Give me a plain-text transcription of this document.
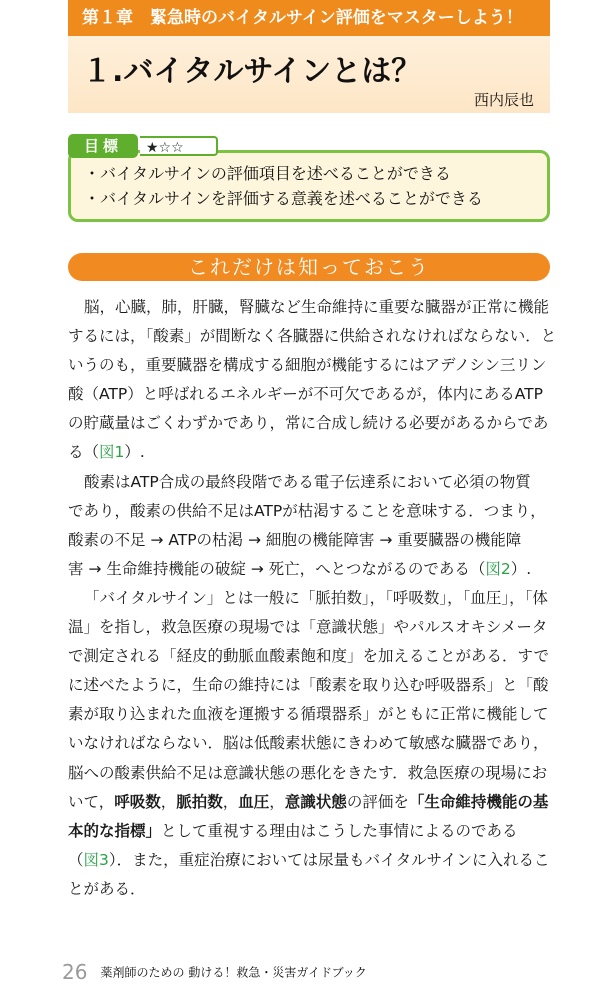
第１章　緊急時のバイタルサイン評価をマスターしよう！
１.バイタルサインとは？
西内辰也
目標	★☆☆
・バイタルサインの評価項目を述べることができる
・バイタルサインを評価する意義を述べることができる
これだけは知っておこう
脳，心臓，肺，肝臓，腎臓など生命維持に重要な臓器が正常に機能
するには，「酸素」が間断なく各臓器に供給されなければならない．と
いうのも，重要臓器を構成する細胞が機能するにはアデノシン三リン
酸（ATP）と呼ばれるエネルギーが不可欠であるが，体内にあるATP
の貯蔵量はごくわずかであり，常に合成し続ける必要があるからであ
る（図1）.
酸素はATP合成の最終段階である電子伝達系において必須の物質
であり，酸素の供給不足はATPが枯渇することを意味する．つまり，
酸素の不足 → ATPの枯渇 → 細胞の機能障害 → 重要臓器の機能障
害 → 生命維持機能の破綻 → 死亡，へとつながるのである（図2）.
「バイタルサイン」とは一般に「脈拍数」，「呼吸数」，「血圧」，「体
温」を指し，救急医療の現場では「意識状態」やパルスオキシメータ
で測定される「経皮的動脈血酸素飽和度」を加えることがある．すで
に述べたように，生命の維持には「酸素を取り込む呼吸器系」と「酸
素が取り込まれた血液を運搬する循環器系」がともに正常に機能して
いなければならない．脳は低酸素状態にきわめて敏感な臓器であり，
脳への酸素供給不足は意識状態の悪化をきたす．救急医療の現場にお
いて，呼吸数，脈拍数，血圧，意識状態の評価を「生命維持機能の基
本的な指標」として重視する理由はこうした事情によるのである
（図3）．また，重症治療においては尿量もバイタルサインに入れるこ
とがある．
26 薬剤師のための 動ける！救急・災害ガイドブック
